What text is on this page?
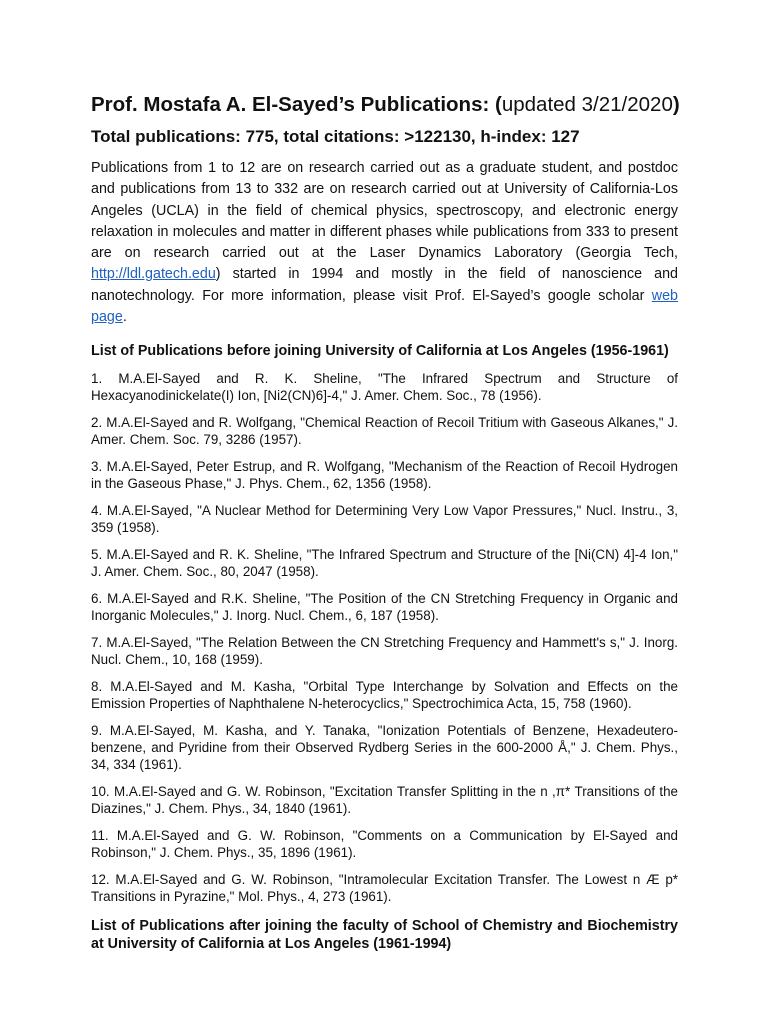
Prof. Mostafa A. El-Sayed’s Publications: (updated 3/21/2020)

Total publications: 775, total citations: >122130, h-index: 127

Publications from 1 to 12 are on research carried out as a graduate student, and postdoc and publications from 13 to 332 are on research carried out at University of California-Los Angeles (UCLA) in the field of chemical physics, spectroscopy, and electronic energy relaxation in molecules and matter in different phases while publications from 333 to present are on research carried out at the Laser Dynamics Laboratory (Georgia Tech, http://ldl.gatech.edu) started in 1994 and mostly in the field of nanoscience and nanotechnology. For more information, please visit Prof. El-Sayed’s google scholar web page.

List of Publications before joining University of California at Los Angeles (1956-1961)

1. M.A.El-Sayed and R. K. Sheline, "The Infrared Spectrum and Structure of Hexacyanodinickelate(I) Ion, [Ni2(CN)6]-4," J. Amer. Chem. Soc., 78 (1956).

2. M.A.El-Sayed and R. Wolfgang, "Chemical Reaction of Recoil Tritium with Gaseous Alkanes," J. Amer. Chem. Soc. 79, 3286 (1957).

3. M.A.El-Sayed, Peter Estrup, and R. Wolfgang, "Mechanism of the Reaction of Recoil Hydrogen in the Gaseous Phase," J. Phys. Chem., 62, 1356 (1958).

4. M.A.El-Sayed, "A Nuclear Method for Determining Very Low Vapor Pressures," Nucl. Instru., 3, 359 (1958).

5. M.A.El-Sayed and R. K. Sheline, "The Infrared Spectrum and Structure of the [Ni(CN) 4]-4 Ion," J. Amer. Chem. Soc., 80, 2047 (1958).

6. M.A.El-Sayed and R.K. Sheline, "The Position of the CN Stretching Frequency in Organic and Inorganic Molecules," J. Inorg. Nucl. Chem., 6, 187 (1958).

7. M.A.El-Sayed, "The Relation Between the CN Stretching Frequency and Hammett's s," J. Inorg. Nucl. Chem., 10, 168 (1959).

8. M.A.El-Sayed and M. Kasha, "Orbital Type Interchange by Solvation and Effects on the Emission Properties of Naphthalene N-heterocyclics," Spectrochimica Acta, 15, 758 (1960).

9. M.A.El-Sayed, M. Kasha, and Y. Tanaka, "Ionization Potentials of Benzene, Hexadeutero-benzene, and Pyridine from their Observed Rydberg Series in the 600-2000 Å," J. Chem. Phys., 34, 334 (1961).

10. M.A.El-Sayed and G. W. Robinson, "Excitation Transfer Splitting in the n ,π* Transitions of the Diazines," J. Chem. Phys., 34, 1840 (1961).

11. M.A.El-Sayed and G. W. Robinson, "Comments on a Communication by El-Sayed and Robinson," J. Chem. Phys., 35, 1896 (1961).

12. M.A.El-Sayed and G. W. Robinson, "Intramolecular Excitation Transfer. The Lowest n Æ p* Transitions in Pyrazine," Mol. Phys., 4, 273 (1961).

List of Publications after joining the faculty of School of Chemistry and Biochemistry at University of California at Los Angeles (1961-1994)
